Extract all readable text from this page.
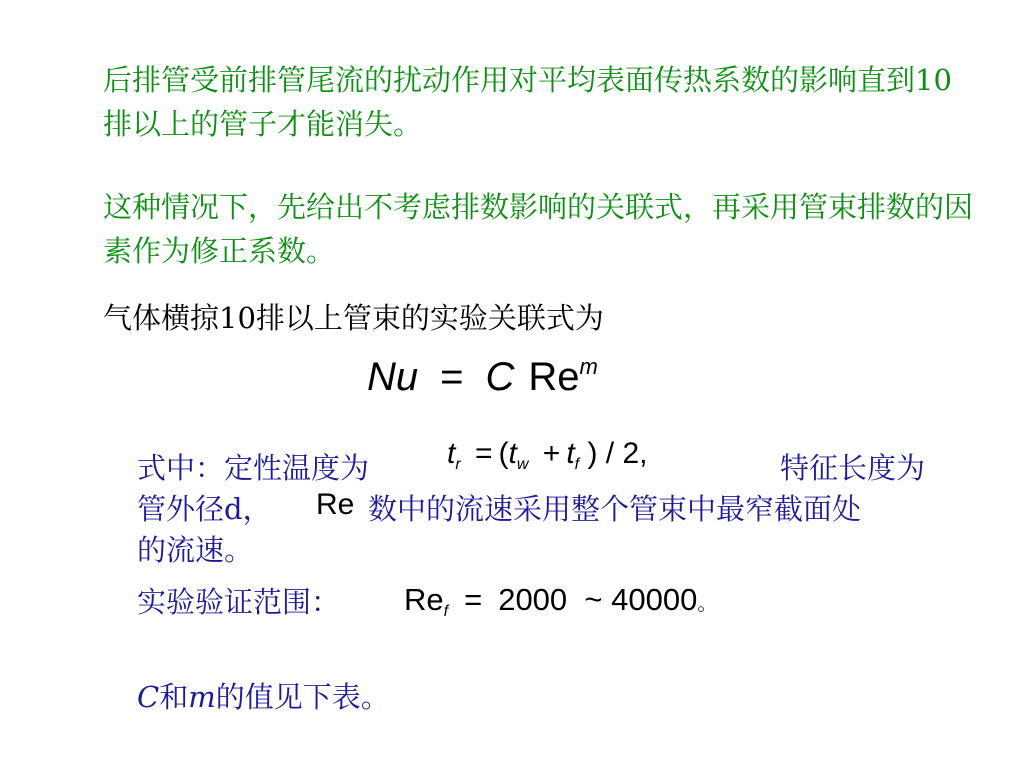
后排管受前排管尾流的扰动作用对平均表面传热系数的影响直到10排以上的管子才能消失。
这种情况下，先给出不考虑排数影响的关联式，再采用管束排数的因素作为修正系数。
气体横掠10排以上管束的实验关联式为
Nu = C Rem
式中：定性温度为	$t_r = (t_w + t_f$ ) / 2,	特征长度为
管外径d， Re 数中的流速采用整个管束中最窄截面处
的流速。
实验验证范围： Ref = 2000  ~ 40000。
C和m的值见下表。
